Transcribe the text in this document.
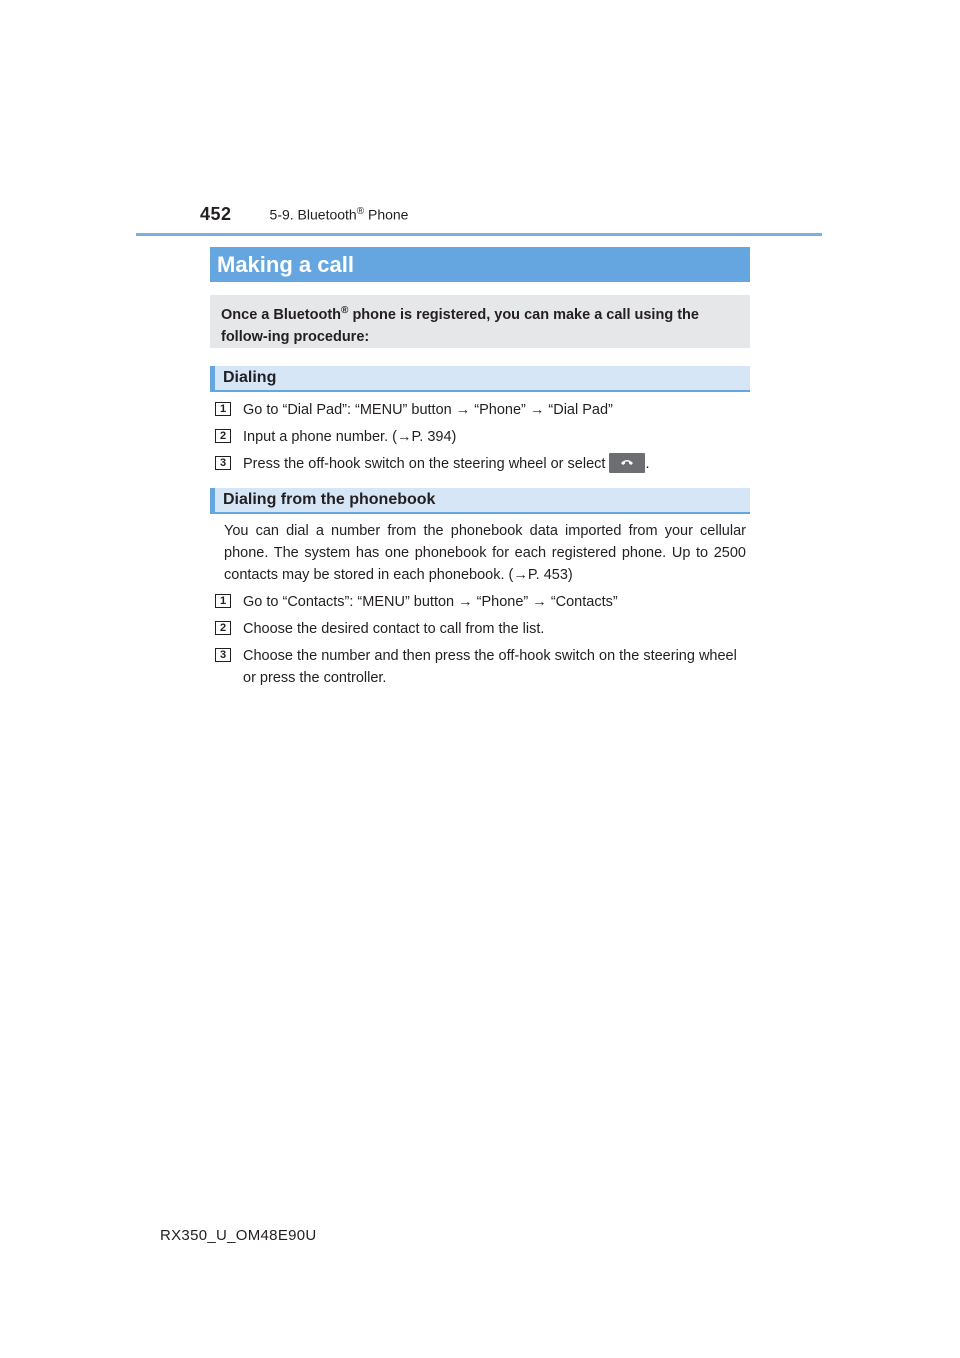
452	5-9. Bluetooth® Phone
Making a call
Once a Bluetooth® phone is registered, you can make a call using the follow-ing procedure:
Dialing
1	Go to “Dial Pad”: “MENU” button → “Phone” → “Dial Pad”
2	Input a phone number. (→P. 394)
3	Press the off-hook switch on the steering wheel or select	.
Dialing from the phonebook
You can dial a number from the phonebook data imported from your cellular phone. The system has one phonebook for each registered phone. Up to 2500 contacts may be stored in each phonebook. (→P. 453)
1	Go to “Contacts”: “MENU” button → “Phone” → “Contacts”
2	Choose the desired contact to call from the list.
3	Choose the number and then press the off-hook switch on the steering wheel or press the controller.
RX350_U_OM48E90U
